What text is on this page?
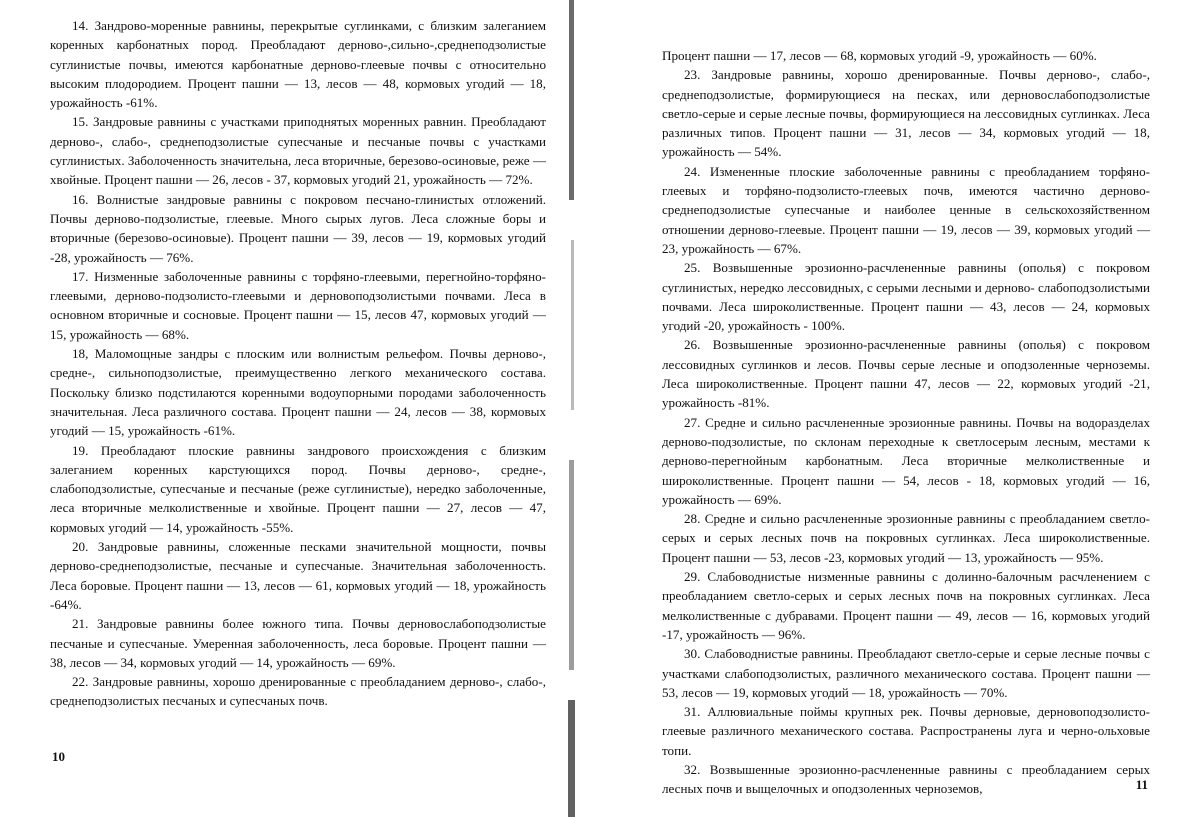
14. Зандрово-моренные равнины, перекрытые суглинками, с близким залеганием коренных карбонатных пород. Преобладают дерново-,сильно-,среднеподзолистые суглинистые почвы, имеются карбонатные дерново-глеевые почвы с относительно высоким плодородием. Процент пашни — 13, лесов — 48, кормовых угодий — 18, урожайность -61%.

15. Зандровые равнины с участками приподнятых моренных равнин. Преобладают дерново-, слабо-, среднеподзолистые супесчаные и песчаные почвы с участками суглинистых. Заболоченность значительна, леса вторичные, березово-осиновые, реже — хвойные. Процент пашни — 26, лесов - 37, кормовых угодий 21, урожайность — 72%.

16. Волнистые зандровые равнины с покровом песчано-глинистых отложений. Почвы дерново-подзолистые, глеевые. Много сырых лугов. Леса сложные боры и вторичные (березово-осиновые). Процент пашни — 39, лесов — 19, кормовых угодий -28, урожайность — 76%.

17. Низменные заболоченные равнины с торфяно-глеевыми, перегнойно-торфяно-глеевыми, дерново-подзолисто-глеевыми и дерновоподзолистыми почвами. Леса в основном вторичные и сосновые. Процент пашни — 15, лесов 47, кормовых угодий — 15, урожайность — 68%.

18, Маломощные зандры с плоским или волнистым рельефом. Почвы дерново-, средне-, сильноподзолистые, преимущественно легкого механического состава. Поскольку близко подстилаются коренными водоупорными породами заболоченность значительная. Леса различного состава. Процент пашни — 24, лесов — 38, кормовых угодий — 15, урожайность -61%.

19. Преобладают плоские равнины зандрового происхождения с близким залеганием коренных карстующихся пород. Почвы дерново-, средне-, слабоподзолистые, супесчаные и песчаные (реже суглинистые), нередко заболоченные, леса вторичные мелколиственные и хвойные. Процент пашни — 27, лесов — 47, кормовых угодий — 14, урожайность -55%.

20. Зандровые равнины, сложенные песками значительной мощности, почвы дерново-среднеподзолистые, песчаные и супесчаные. Значительная заболоченность. Леса боровые. Процент пашни — 13, лесов — 61, кормовых угодий — 18, урожайность -64%.

21. Зандровые равнины более южного типа. Почвы дерновослабоподзолистые песчаные и супесчаные. Умеренная заболоченность, леса боровые. Процент пашни — 38, лесов — 34, кормовых угодий — 14, урожайность — 69%.

22. Зандровые равнины, хорошо дренированные с преобладанием дерново-, слабо-, среднеподзолистых песчаных и супесчаных почв.

10

Процент пашни — 17, лесов — 68, кормовых угодий -9, урожайность — 60%.

23. Зандровые равнины, хорошо дренированные. Почвы дерново-, слабо-, среднеподзолистые, формирующиеся на песках, или дерновослабоподзолистые светло-серые и серые лесные почвы, формирующиеся на лессовидных суглинках. Леса различных типов. Процент пашни — 31, лесов — 34, кормовых угодий — 18, урожайность — 54%.

24. Измененные плоские заболоченные равнины с преобладанием торфяно-глеевых и торфяно-подзолисто-глеевых почв, имеются частично дерново-среднеподзолистые супесчаные и наиболее ценные в сельскохозяйственном отношении дерново-глеевые. Процент пашни — 19, лесов — 39, кормовых угодий — 23, урожайность — 67%.

25. Возвышенные эрозионно-расчлененные равнины (ополья) с покровом суглинистых, нередко лессовидных, с серыми лесными и дерново- слабоподзолистыми почвами. Леса широколиственные. Процент пашни — 43, лесов — 24, кормовых угодий -20, урожайность - 100%.

26. Возвышенные эрозионно-расчлененные равнины (ополья) с покровом лессовидных суглинков и лесов. Почвы серые лесные и оподзоленные черноземы. Леса широколиственные. Процент пашни 47, лесов — 22, кормовых угодий -21, урожайность -81%.

27. Средне и сильно расчлененные эрозионные равнины. Почвы на водоразделах дерново-подзолистые, по склонам переходные к светлосерым лесным, местами к дерново-перегнойным карбонатным. Леса вторичные мелколиственные и широколиственные. Процент пашни — 54, лесов - 18, кормовых угодий — 16, урожайность — 69%.

28. Средне и сильно расчлененные эрозионные равнины с преобладанием светло-серых и серых лесных почв на покровных суглинках. Леса широколиственные. Процент пашни — 53, лесов -23, кормовых угодий — 13, урожайность — 95%.

29. Слабоводнистые низменные равнины с долинно-балочным расчленением с преобладанием светло-серых и серых лесных почв на покровных суглинках. Леса мелколиственные с дубравами. Процент пашни — 49, лесов — 16, кормовых угодий -17, урожайность — 96%.

30. Слабоводнистые равнины. Преобладают светло-серые и серые лесные почвы с участками слабоподзолистых, различного механического состава. Процент пашни — 53, лесов — 19, кормовых угодий — 18, урожайность — 70%.

31. Аллювиальные поймы крупных рек. Почвы дерновые, дерновоподзолисто-глеевые различного механического состава. Распространены луга и черно-ольховые топи.

32. Возвышенные эрозионно-расчлененные равнины с преобладанием серых лесных почв и выщелочных и оподзоленных черноземов,	11
